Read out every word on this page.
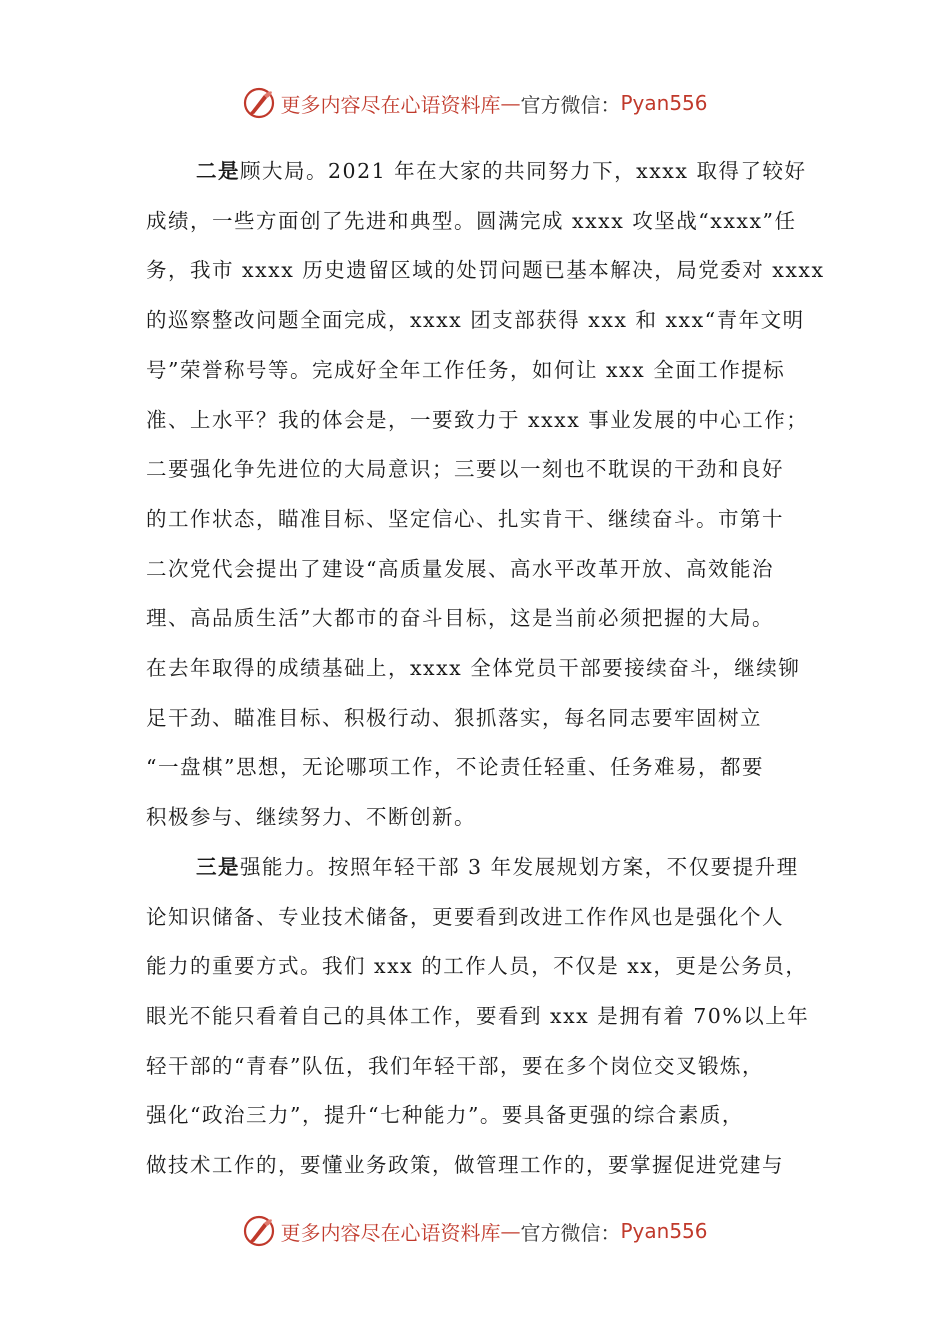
更多内容尽在心语资料库 — 官方微信： Pyan556

二是顾大局。2021 年在大家的共同努力下，xxxx 取得了较好
成绩，一些方面创了先进和典型。圆满完成 xxxx 攻坚战“xxxx”任
务，我市 xxxx 历史遗留区域的处罚问题已基本解决，局党委对 xxxx
的巡察整改问题全面完成，xxxx 团支部获得 xxx 和 xxx“青年文明
号”荣誉称号等。完成好全年工作任务，如何让 xxx 全面工作提标
准、上水平？我的体会是，一要致力于 xxxx 事业发展的中心工作；
二要强化争先进位的大局意识；三要以一刻也不耽误的干劲和良好
的工作状态，瞄准目标、坚定信心、扎实肯干、继续奋斗。市第十
二次党代会提出了建设“高质量发展、高水平改革开放、高效能治
理、高品质生活”大都市的奋斗目标，这是当前必须把握的大局。
在去年取得的成绩基础上，xxxx 全体党员干部要接续奋斗，继续铆
足干劲、瞄准目标、积极行动、狠抓落实，每名同志要牢固树立
“一盘棋”思想，无论哪项工作，不论责任轻重、任务难易，都要
积极参与、继续努力、不断创新。

三是强能力。按照年轻干部 3 年发展规划方案，不仅要提升理
论知识储备、专业技术储备，更要看到改进工作作风也是强化个人
能力的重要方式。我们 xxx 的工作人员，不仅是 xx，更是公务员，
眼光不能只看着自己的具体工作，要看到 xxx 是拥有着 70%以上年
轻干部的“青春”队伍，我们年轻干部，要在多个岗位交叉锻炼，
强化“政治三力”，提升“七种能力”。要具备更强的综合素质，
做技术工作的，要懂业务政策，做管理工作的，要掌握促进党建与

更多内容尽在心语资料库 — 官方微信： Pyan556
